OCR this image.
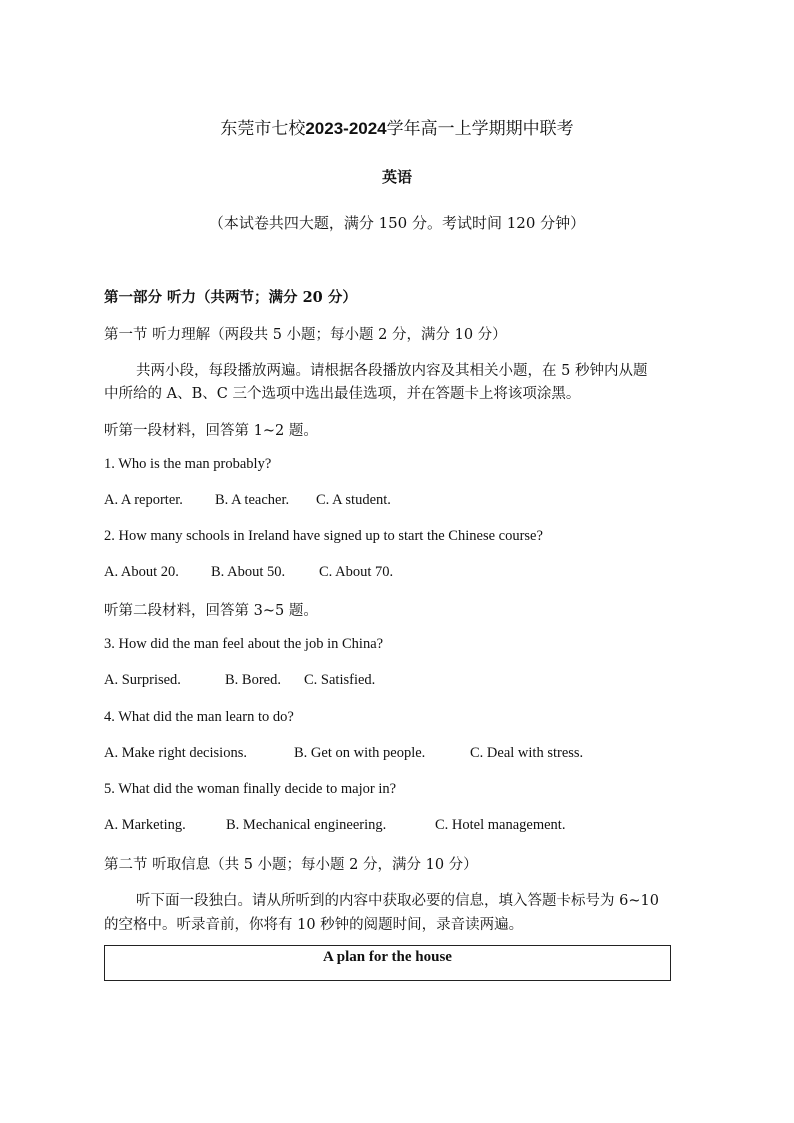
东莞市七校2023-2024学年高一上学期期中联考
英语
（本试卷共四大题，满分 150 分。考试时间 120 分钟）
第一部分 听力（共两节；满分 20 分）
第一节 听力理解（两段共 5 小题；每小题 2 分，满分 10 分）
共两小段，每段播放两遍。请根据各段播放内容及其相关小题，在 5 秒钟内从题
中所给的 A、B、C 三个选项中选出最佳选项，并在答题卡上将该项涂黑。
听第一段材料，回答第 1~2 题。
1. Who is the man probably?
A. A reporter. B. A teacher. C. A student.
2. How many schools in Ireland have signed up to start the Chinese course?
A. About 20. B. About 50. C. About 70.
听第二段材料，回答第 3~5 题。
3. How did the man feel about the job in China?
A. Surprised.	B. Bored. C. Satisfied.
4. What did the man learn to do?
A. Make right decisions.	B. Get on with people.	C. Deal with stress.
5. What did the woman finally decide to major in?
A. Marketing.	B. Mechanical engineering.	C. Hotel management.
第二节 听取信息（共 5 小题；每小题 2 分，满分 10 分）
听下面一段独白。请从所听到的内容中获取必要的信息，填入答题卡标号为 6~10
的空格中。听录音前，你将有 10 秒钟的阅题时间，录音读两遍。
A plan for the house
